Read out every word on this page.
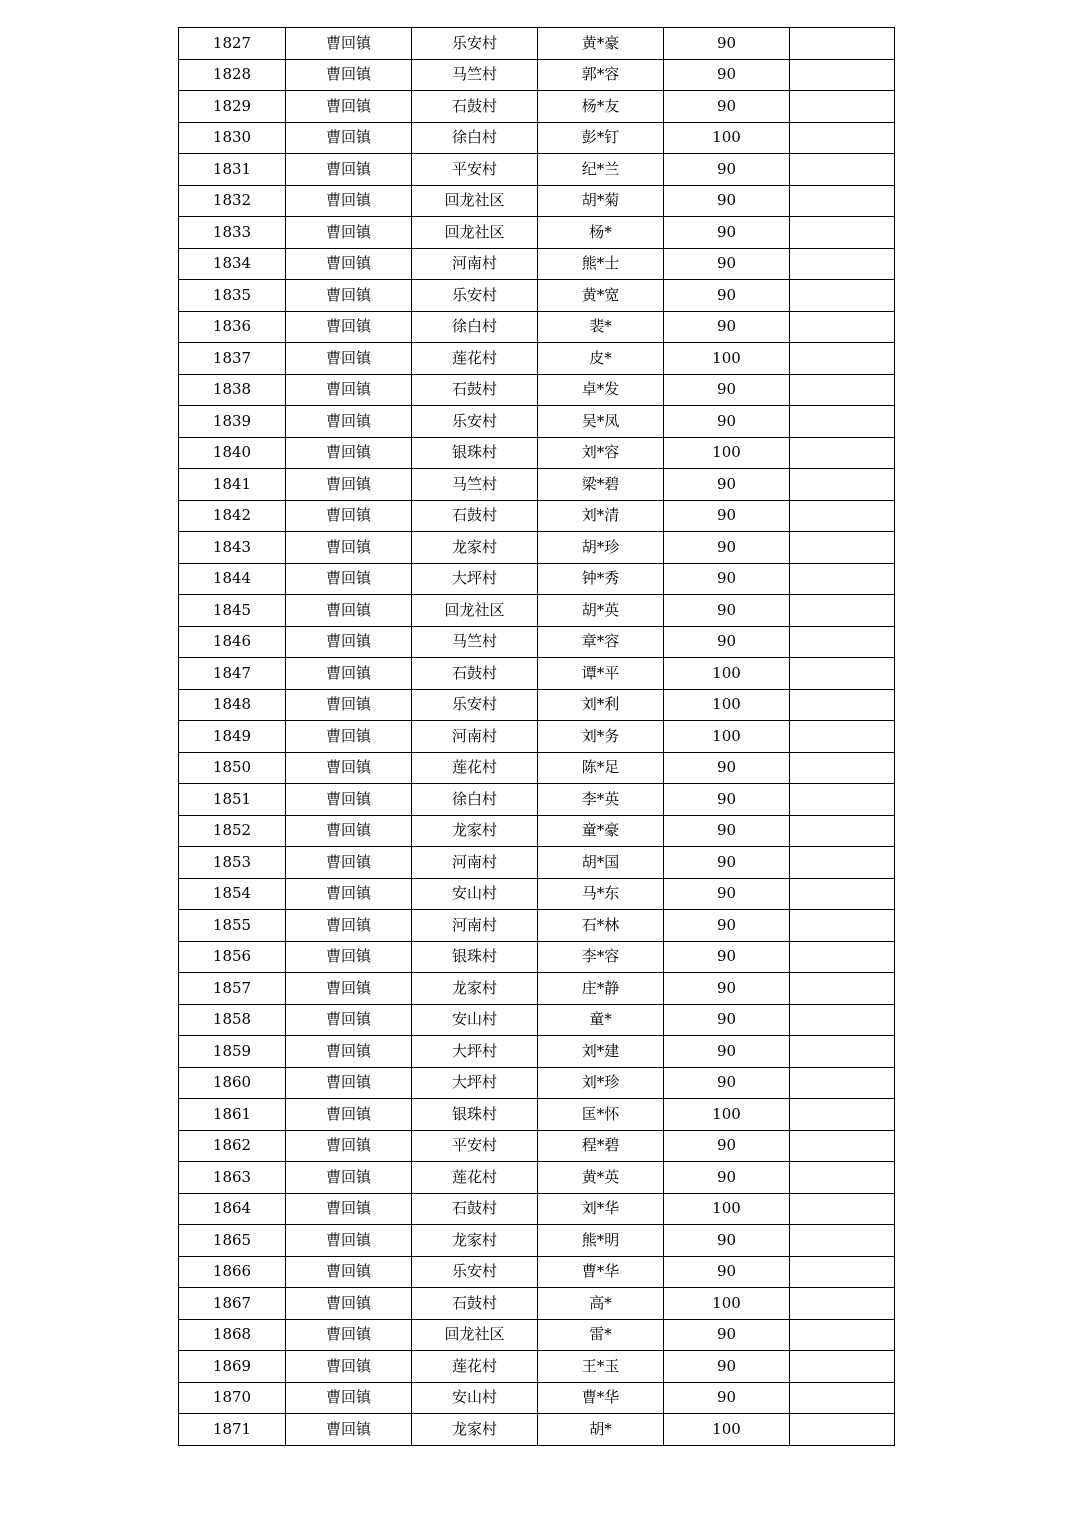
1827	曹回镇	乐安村	黄*豪	90	
1828	曹回镇	马竺村	郭*容	90	
1829	曹回镇	石鼓村	杨*友	90	
1830	曹回镇	徐白村	彭*钉	100	
1831	曹回镇	平安村	纪*兰	90	
1832	曹回镇	回龙社区	胡*菊	90	
1833	曹回镇	回龙社区	杨*	90	
1834	曹回镇	河南村	熊*士	90	
1835	曹回镇	乐安村	黄*宽	90	
1836	曹回镇	徐白村	裴*	90	
1837	曹回镇	莲花村	皮*	100	
1838	曹回镇	石鼓村	卓*发	90	
1839	曹回镇	乐安村	吴*凤	90	
1840	曹回镇	银珠村	刘*容	100	
1841	曹回镇	马竺村	梁*碧	90	
1842	曹回镇	石鼓村	刘*清	90	
1843	曹回镇	龙家村	胡*珍	90	
1844	曹回镇	大坪村	钟*秀	90	
1845	曹回镇	回龙社区	胡*英	90	
1846	曹回镇	马竺村	章*容	90	
1847	曹回镇	石鼓村	谭*平	100	
1848	曹回镇	乐安村	刘*利	100	
1849	曹回镇	河南村	刘*务	100	
1850	曹回镇	莲花村	陈*足	90	
1851	曹回镇	徐白村	李*英	90	
1852	曹回镇	龙家村	童*豪	90	
1853	曹回镇	河南村	胡*国	90	
1854	曹回镇	安山村	马*东	90	
1855	曹回镇	河南村	石*林	90	
1856	曹回镇	银珠村	李*容	90	
1857	曹回镇	龙家村	庄*静	90	
1858	曹回镇	安山村	童*	90	
1859	曹回镇	大坪村	刘*建	90	
1860	曹回镇	大坪村	刘*珍	90	
1861	曹回镇	银珠村	匡*怀	100	
1862	曹回镇	平安村	程*碧	90	
1863	曹回镇	莲花村	黄*英	90	
1864	曹回镇	石鼓村	刘*华	100	
1865	曹回镇	龙家村	熊*明	90	
1866	曹回镇	乐安村	曹*华	90	
1867	曹回镇	石鼓村	高*	100	
1868	曹回镇	回龙社区	雷*	90	
1869	曹回镇	莲花村	王*玉	90	
1870	曹回镇	安山村	曹*华	90	
1871	曹回镇	龙家村	胡*	100	
